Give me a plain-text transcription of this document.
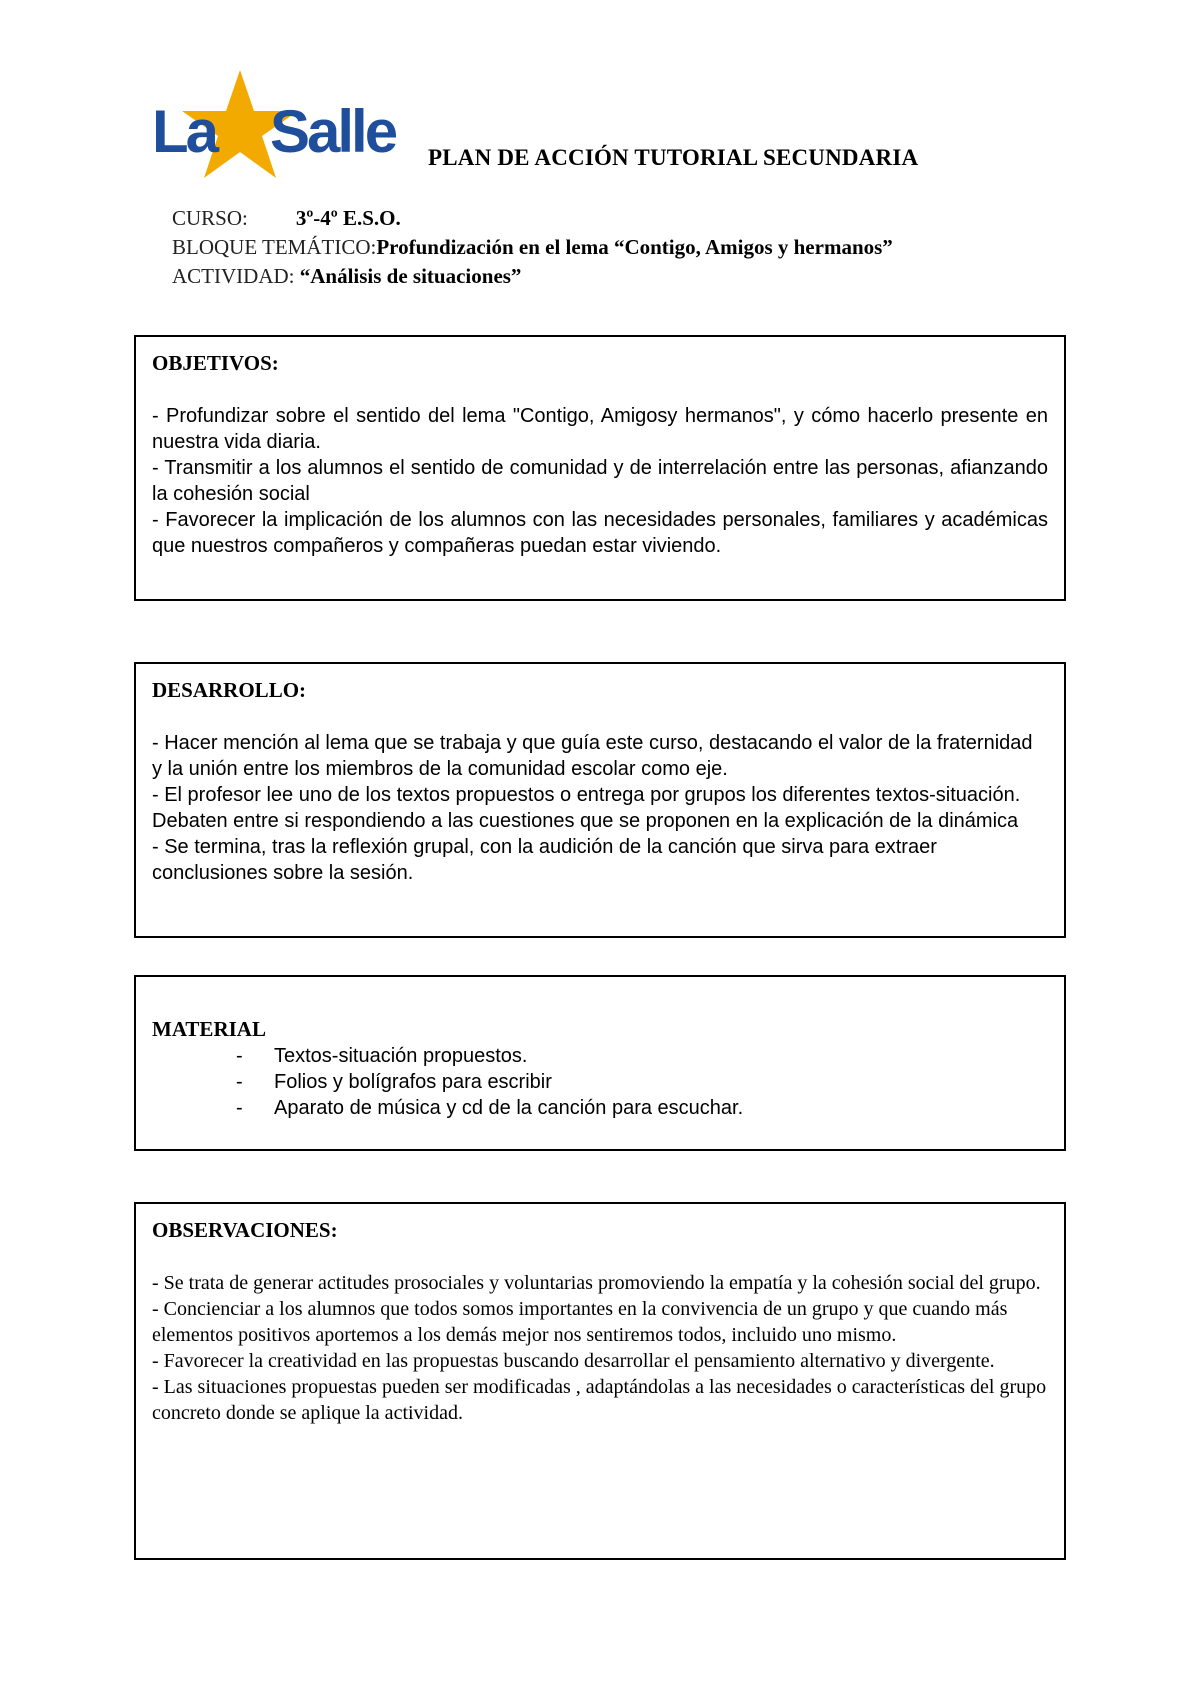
La Salle PLAN DE ACCIÓN TUTORIAL SECUNDARIA
CURSO: 3º-4º E.S.O.
BLOQUE TEMÁTICO:Profundización en el lema “Contigo, Amigos y hermanos”
ACTIVIDAD: “Análisis de situaciones”
OBJETIVOS:
- Profundizar sobre el sentido del lema "Contigo, Amigosy hermanos", y cómo hacerlo presente en nuestra vida diaria.
- Transmitir a los alumnos el sentido de comunidad y de interrelación entre las personas, afianzando la cohesión social
- Favorecer la implicación de los alumnos con las necesidades personales, familiares y académicas que nuestros compañeros y compañeras puedan estar viviendo.
DESARROLLO:
- Hacer mención al lema que se trabaja y que guía este curso, destacando el valor de la fraternidad y la unión entre los miembros de la comunidad escolar como eje.
- El profesor lee uno de los textos propuestos o entrega por grupos los diferentes textos-situación. Debaten entre si respondiendo a las cuestiones que se proponen en la explicación de la dinámica
- Se termina, tras la reflexión grupal, con la audición de la canción que sirva para extraer conclusiones sobre la sesión.
MATERIAL
- Textos-situación propuestos.
- Folios y bolígrafos para escribir
- Aparato de música y cd de la canción para escuchar.
OBSERVACIONES:
- Se trata de generar actitudes prosociales y voluntarias promoviendo la empatía y la cohesión social del grupo.
- Concienciar a los alumnos que todos somos importantes en la convivencia de un grupo y que cuando más elementos positivos aportemos a los demás mejor nos sentiremos todos, incluido uno mismo.
- Favorecer la creatividad en las propuestas buscando desarrollar el pensamiento alternativo y divergente.
- Las situaciones propuestas pueden ser modificadas , adaptándolas a las necesidades o características del grupo concreto donde se aplique la actividad.
